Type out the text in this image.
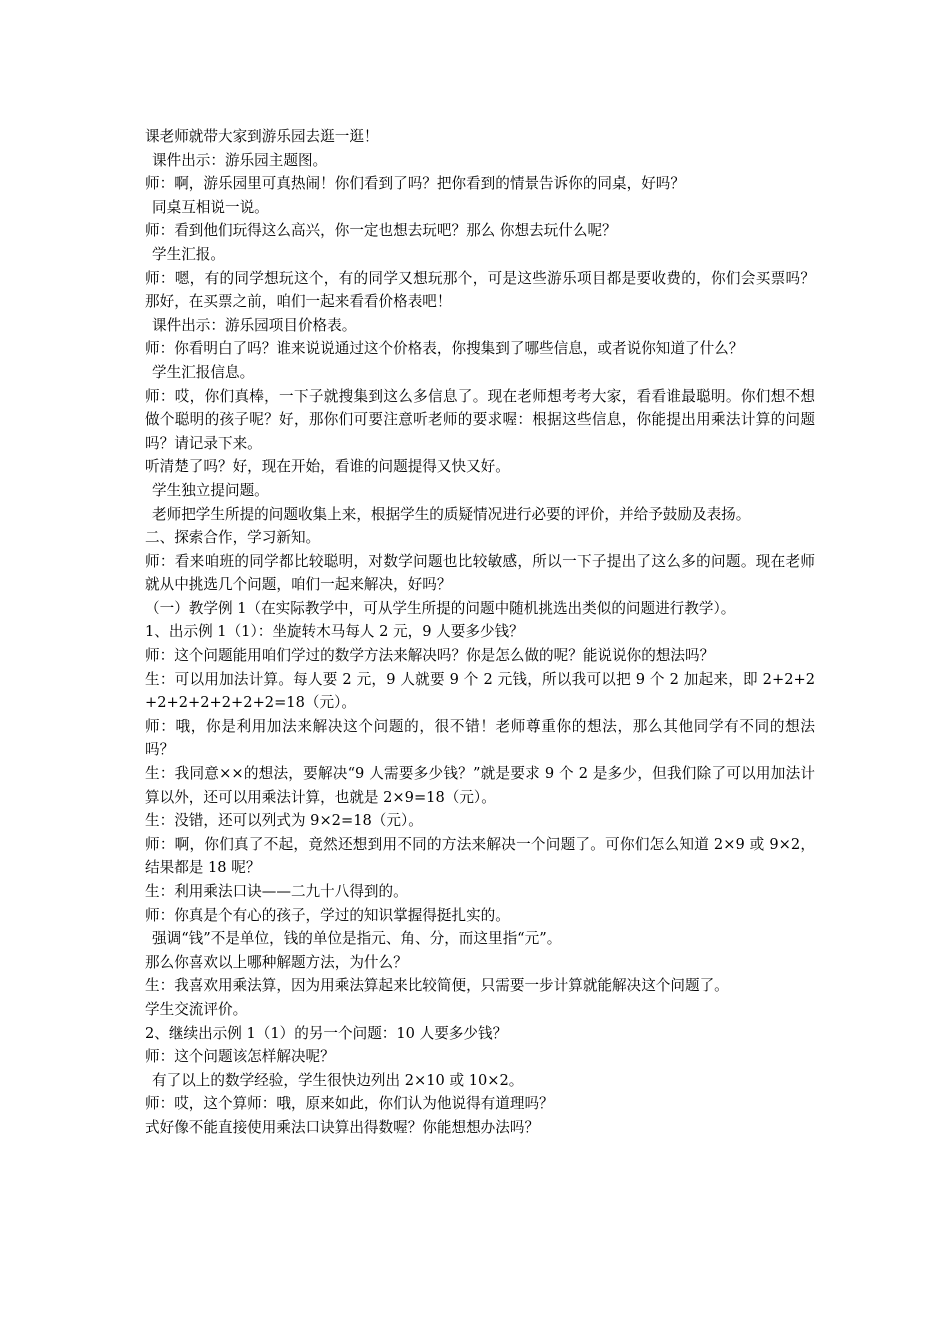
课老师就带大家到游乐园去逛一逛！

课件出示：游乐园主题图。

师：啊，游乐园里可真热闹！你们看到了吗？把你看到的情景告诉你的同桌，好吗？

同桌互相说一说。

师：看到他们玩得这么高兴，你一定也想去玩吧？那么 你想去玩什么呢？

学生汇报。

师：嗯，有的同学想玩这个，有的同学又想玩那个，可是这些游乐项目都是要收费的，你们会买票吗？那好，在买票之前，咱们一起来看看价格表吧！

课件出示：游乐园项目价格表。

师：你看明白了吗？谁来说说通过这个价格表，你搜集到了哪些信息，或者说你知道了什么？

学生汇报信息。

师：哎，你们真棒，一下子就搜集到这么多信息了。现在老师想考考大家，看看谁最聪明。你们想不想做个聪明的孩子呢？好，那你们可要注意听老师的要求喔：根据这些信息，你能提出用乘法计算的问题吗？请记录下来。

听清楚了吗？好，现在开始，看谁的问题提得又快又好。

学生独立提问题。

老师把学生所提的问题收集上来，根据学生的质疑情况进行必要的评价，并给予鼓励及表扬。

二、探索合作，学习新知。

师：看来咱班的同学都比较聪明，对数学问题也比较敏感，所以一下子提出了这么多的问题。现在老师就从中挑选几个问题，咱们一起来解决，好吗？

（一）教学例 1（在实际教学中，可从学生所提的问题中随机挑选出类似的问题进行教学）。

1、出示例 1（1）：坐旋转木马每人 2 元，9 人要多少钱？

师：这个问题能用咱们学过的数学方法来解决吗？你是怎么做的呢？能说说你的想法吗？

生：可以用加法计算。每人要 2 元，9 人就要 9 个 2 元钱，所以我可以把 9 个 2 加起来，即 2+2+2+2+2+2+2+2+2=18（元）。

师：哦，你是利用加法来解决这个问题的，很不错！老师尊重你的想法，那么其他同学有不同的想法吗？

生：我同意××的想法，要解决“9 人需要多少钱？”就是要求 9 个 2 是多少，但我们除了可以用加法计算以外，还可以用乘法计算，也就是 2×9=18（元）。

生：没错，还可以列式为 9×2=18（元）。

师：啊，你们真了不起，竟然还想到用不同的方法来解决一个问题了。可你们怎么知道 2×9 或 9×2，结果都是 18 呢？

生：利用乘法口诀——二九十八得到的。

师：你真是个有心的孩子，学过的知识掌握得挺扎实的。

强调“钱”不是单位，钱的单位是指元、角、分，而这里指“元”。

那么你喜欢以上哪种解题方法，为什么？

生：我喜欢用乘法算，因为用乘法算起来比较简便，只需要一步计算就能解决这个问题了。

学生交流评价。

2、继续出示例 1（1）的另一个问题：10 人要多少钱？

师：这个问题该怎样解决呢？

有了以上的数学经验，学生很快边列出 2×10 或 10×2。

师：哎，这个算师：哦，原来如此，你们认为他说得有道理吗？

式好像不能直接使用乘法口诀算出得数喔？你能想想办法吗？
